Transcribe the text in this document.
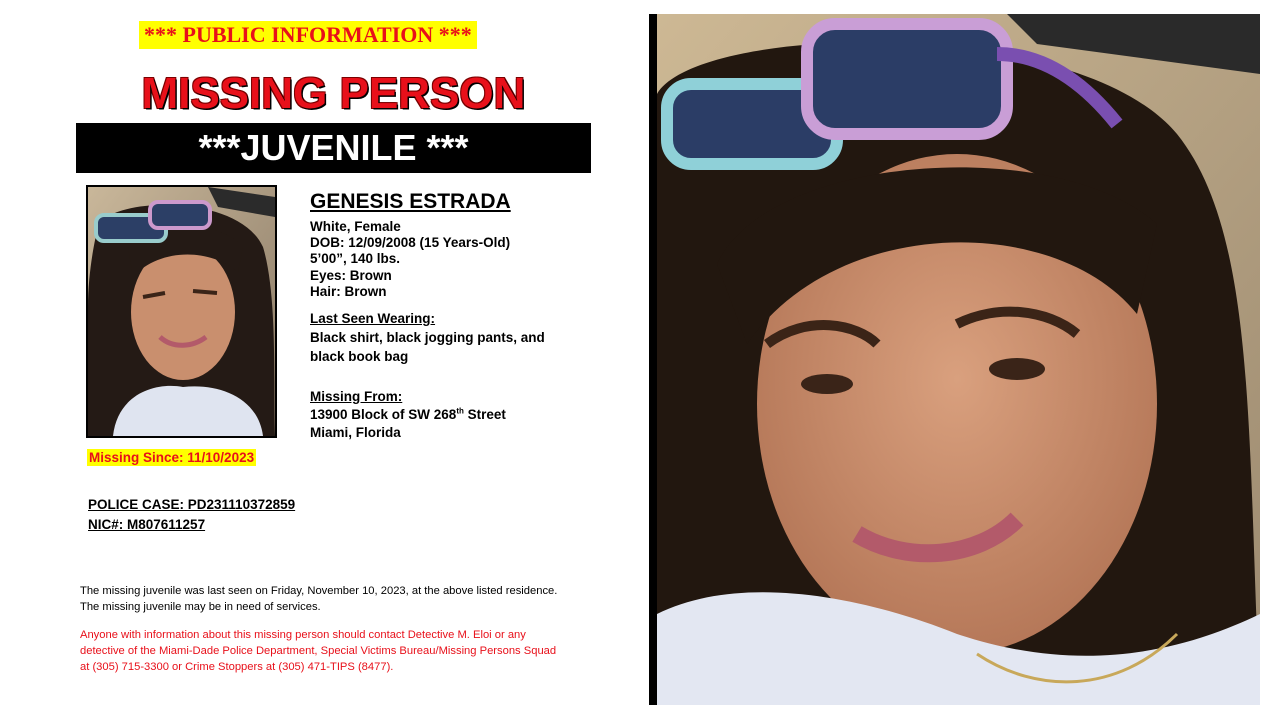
*** PUBLIC INFORMATION ***
MISSING PERSON
***JUVENILE ***
GENESIS ESTRADA
White, Female
DOB: 12/09/2008 (15 Years-Old)
5’00”, 140 lbs.
Eyes: Brown
Hair: Brown
Last Seen Wearing:
Black shirt, black jogging pants, and
black book bag
Missing From:
13900 Block of SW 268th Street
Miami, Florida
Missing Since: 11/10/2023
POLICE CASE: PD231110372859
NIC#: M807611257
The missing juvenile was last seen on Friday, November 10, 2023, at the above listed residence.
The missing juvenile may be in need of services.
Anyone with information about this missing person should contact Detective M. Eloi or any
detective of the Miami-Dade Police Department, Special Victims Bureau/Missing Persons Squad
at (305) 715-3300 or Crime Stoppers at (305) 471-TIPS (8477).
